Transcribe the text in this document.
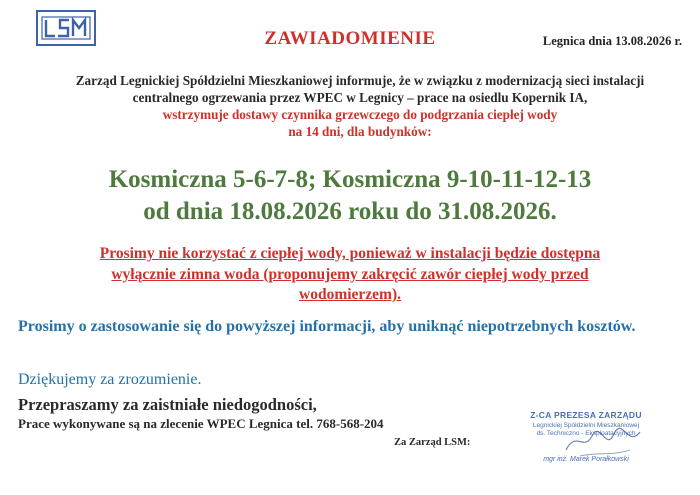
ZAWIADOMIENIE	Legnica dnia 13.08.2026 r.
Zarząd Legnickiej Spółdzielni Mieszkaniowej informuje, że w związku z modernizacją sieci instalacji
centralnego ogrzewania przez WPEC w Legnicy – prace na osiedlu Kopernik IA,
wstrzymuje dostawy czynnika grzewczego do podgrzania ciepłej wody
na 14 dni, dla budynków:
Kosmiczna 5-6-7-8; Kosmiczna 9-10-11-12-13
od dnia 18.08.2026 roku do 31.08.2026.
Prosimy nie korzystać z ciepłej wody, ponieważ w instalacji będzie dostępna
wyłącznie zimna woda (proponujemy zakręcić zawór ciepłej wody przed
wodomierzem).
Prosimy o zastosowanie się do powyższej informacji, aby uniknąć niepotrzebnych kosztów.
Dziękujemy za zrozumienie.
Przepraszamy za zaistniałe niedogodności,
Prace wykonywane są na zlecenie WPEC Legnica tel. 768-568-204
Za Zarząd LSM:
Z-CA PREZESA ZARZĄDU
Legnickiej Spółdzielni Mieszkaniowej
ds. Techniczno - Eksploatacyjnych
mgr inż. Marek Porałkowski
